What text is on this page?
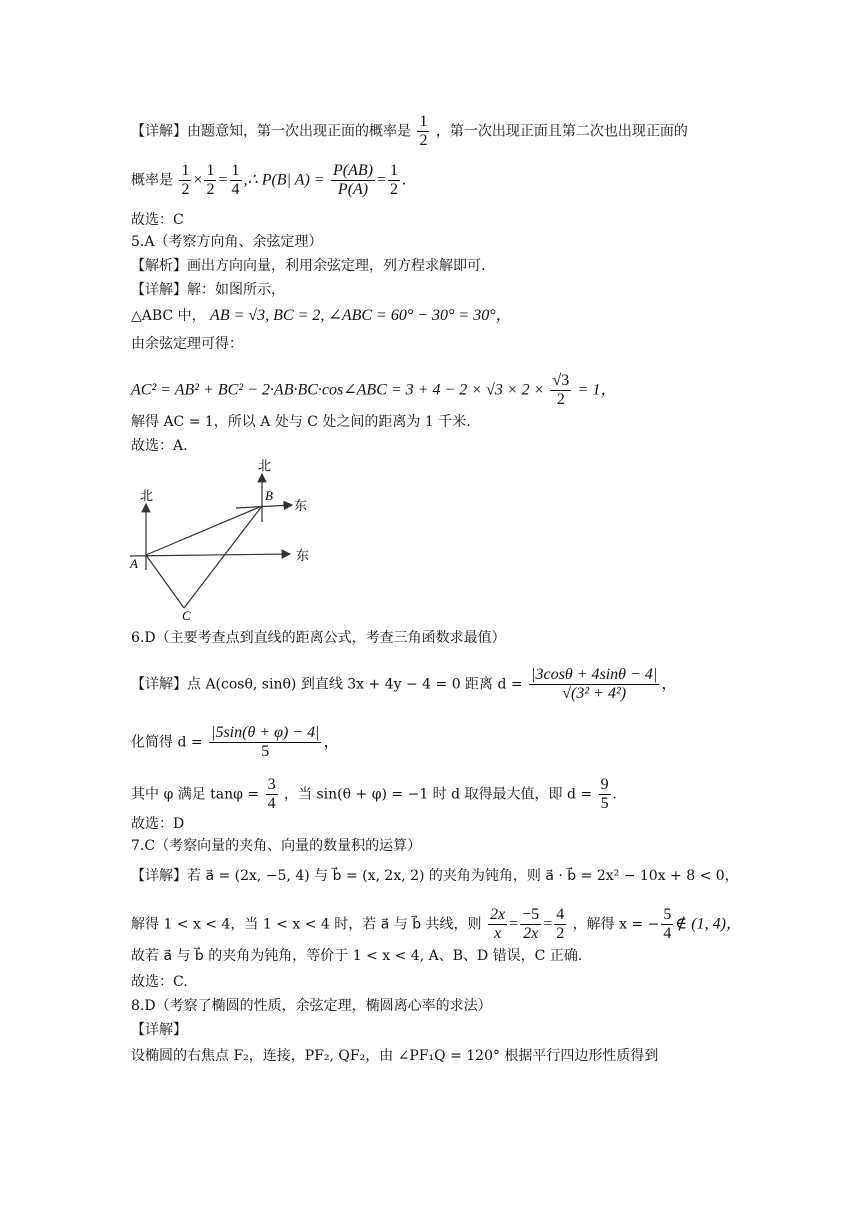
【详解】由题意知，第一次出现正面的概率是 $\frac{1}{2}$ ，第一次出现正面且第二次也出现正面的
概率是 $\frac{1}{2} \times \frac{1}{2} = \frac{1}{4}$ ,∴ P(B| $A) = \frac{P(AB)}{P(A)} = \frac{1}{2}$ .
故选：C
5.A（考察方向角、余弦定理）
【解析】画出方向向量，利用余弦定理，列方程求解即可.
【详解】解：如图所示，
△ABC 中， AB = √3, BC = 2, ∠ABC = 60° − 30° = 30°，
由余弦定理可得：
AC² = AB² + BC² − 2·AB·BC·cos∠ABC = $3 + 4 - 2 \times √3 \times 2 \times \frac{√3}{2} = 1$，
解得 AC = 1，所以 A 处与 C 处之间的距离为 1 千米.
故选：A.
北
北
东
东
A
B
C
6.D（主要考查点到直线的距离公式，考查三角函数求最值）
【详解】点 A(cosθ, sinθ) 到直线 3x + 4y − 4 = 0 距离 $d = \frac{|3\cos\theta + 4\sin\theta - 4|}{\text{√(3² + 4²)}}$ ，
化简得 $d = \frac{|5\sin(\theta + \varphi) - 4|}{5}$ ，
其中 φ 满足 $\tan\varphi = \frac{3}{4}$ ，当 sin(θ + φ) = −1 时 d 取得最大值，即 $d = \frac{9}{5}$ .
故选：D
7.C（考察向量的夹角、向量的数量积的运算）
【详解】若 a⃗ = (2x, −5, 4) 与 b⃗ = (x, 2x, 2) 的夹角为钝角，则 a⃗ · b⃗ = 2x² − 10x + 8 < 0，
解得 1 < x < 4，当 1 < x < 4 时，若 a⃗ 与 b⃗ 共线，则 $\frac{2x}{x} = \frac{-5}{2x} = \frac{4}{2}$ ，解得 x = − $\frac{5}{4}$ ∉ (1, 4)，
故若 a⃗ 与 b⃗ 的夹角为钝角，等价于 1 < x < 4, A、B、D 错误，C 正确.
故选：C.
8.D（考察了椭圆的性质，余弦定理，椭圆离心率的求法）
【详解】
设椭圆的右焦点 F₂，连接，PF₂, QF₂，由 ∠PF₁Q = 120° 根据平行四边形性质得到
